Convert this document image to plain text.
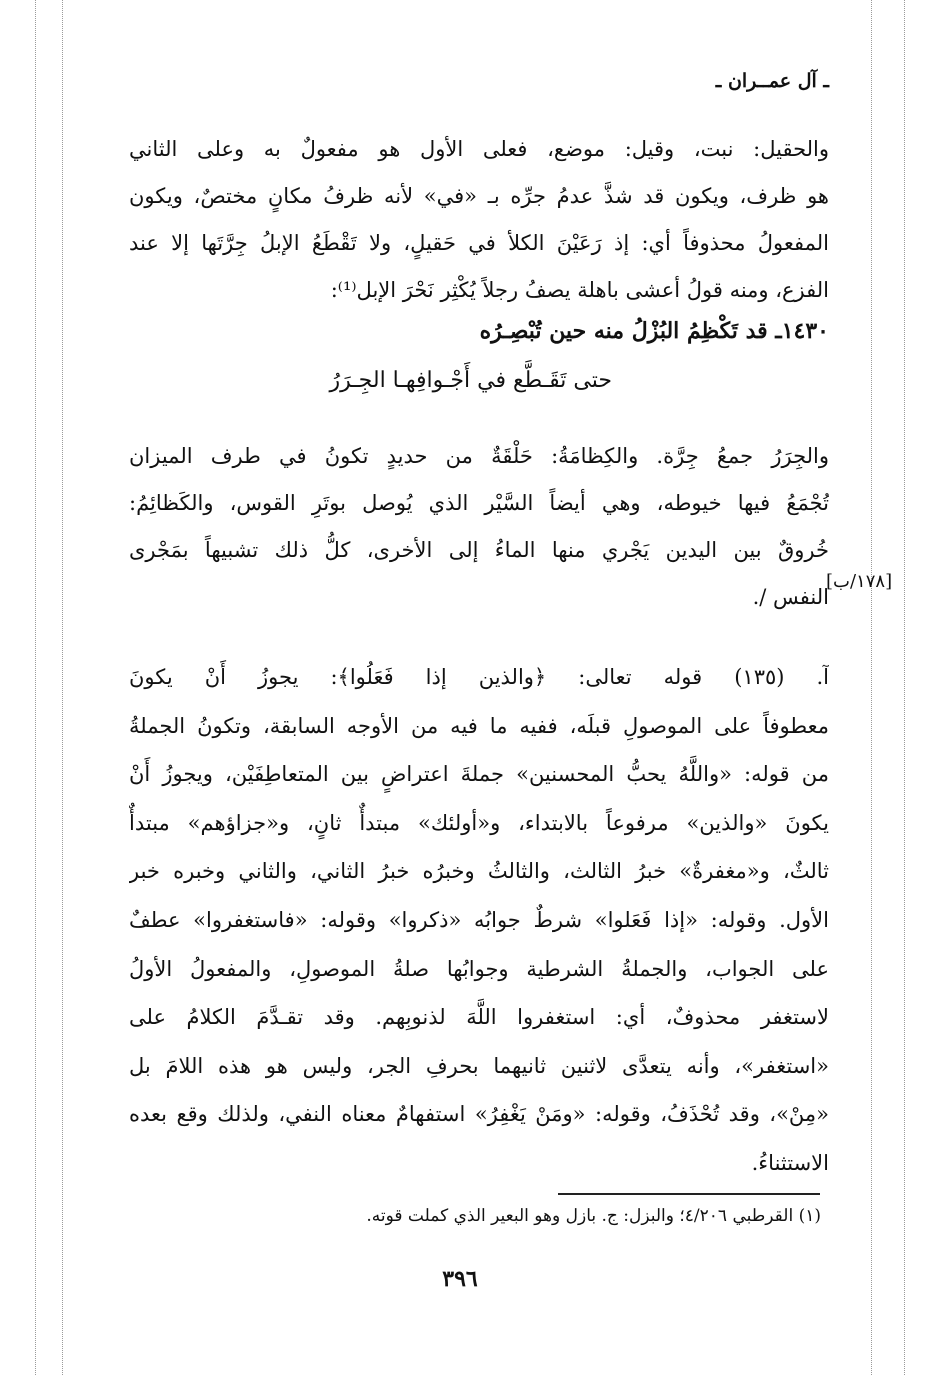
ـ آل عمــران ـ
والحقيل: نبت، وقيل: موضع، فعلى الأول هو مفعولٌ به وعلى الثاني
هو ظرف، ويكون قد شذَّ عدمُ جرِّه بـ «في» لأنه ظرفُ مكانٍ مختصٌ، ويكون
المفعولُ محذوفاً أي: إذ رَعَيْنَ الكلأ في حَقيلٍ، ولا تَقْطَعُ الإبلُ جِرَّتَها إلا عند
الفزع، ومنه قولُ أعشى باهلة يصفُ رجلاً يُكْثِر نَحْرَ الإبل⁽¹⁾:
١٤٣٠ـ قد تَكْظِمُ البُزْلُ منه حين تُبْصِـرُه
حتى تَقَـطَّع في أَجْـوافِهـا الجِـرَرُ
والجِرَرُ جمعُ جِرَّة. والكِظامَةُ: حَلْقَةٌ من حديدٍ تكونُ في طرف الميزان
تُجْمَعُ فيها خيوطه، وهي أيضاً السَّيْر الذي يُوصل بوتَرِ القوس، والكَظائِمُ:
خُروقٌ بين اليدين يَجْري منها الماءُ إلى الأخرى، كلُّ ذلك تشبيهاً بمَجْرى
النفس /.
[١٧٨/ب]
آ. (١٣٥) قوله تعالى: ﴿والذين إذا فَعَلُوا﴾: يجوزُ أَنْ يكونَ
معطوفاً على الموصولِ قبلَه، ففيه ما فيه من الأوجه السابقة، وتكونُ الجملةُ
من قوله: «واللَّهُ يحبُّ المحسنين» جملةَ اعتراضٍ بين المتعاطِفَيْن، ويجوزُ أَنْ
يكونَ «والذين» مرفوعاً بالابتداء، و«أولئك» مبتدأٌ ثانٍ، و«جزاؤهم» مبتدأٌ
ثالثٌ، و«مغفرةٌ» خبرُ الثالث، والثالثُ وخبرُه خبرُ الثاني، والثاني وخبره خبر
الأول. وقوله: «إذا فَعَلوا» شرطٌ جوابُه «ذكروا» وقوله: «فاستغفروا» عطفٌ
على الجواب، والجملةُ الشرطية وجوابُها صلةُ الموصولِ، والمفعولُ الأولُ
لاستغفر محذوفٌ، أي: استغفروا اللَّهَ لذنوبِهم. وقد تقـدَّمَ الكلامُ على
«استغفر»، وأنه يتعدَّى لاثنين ثانيهما بحرفِ الجر، وليس هو هذه اللامَ بل
«مِنْ»، وقد تُحْذَفُ، وقوله: «ومَنْ يَغْفِرُ» استفهامٌ معناه النفي، ولذلك وقع بعده
الاستثناءُ.
(١) القرطبي ٤/٢٠٦؛ والبزل: ج. بازل وهو البعير الذي كملت قوته.
٣٩٦
